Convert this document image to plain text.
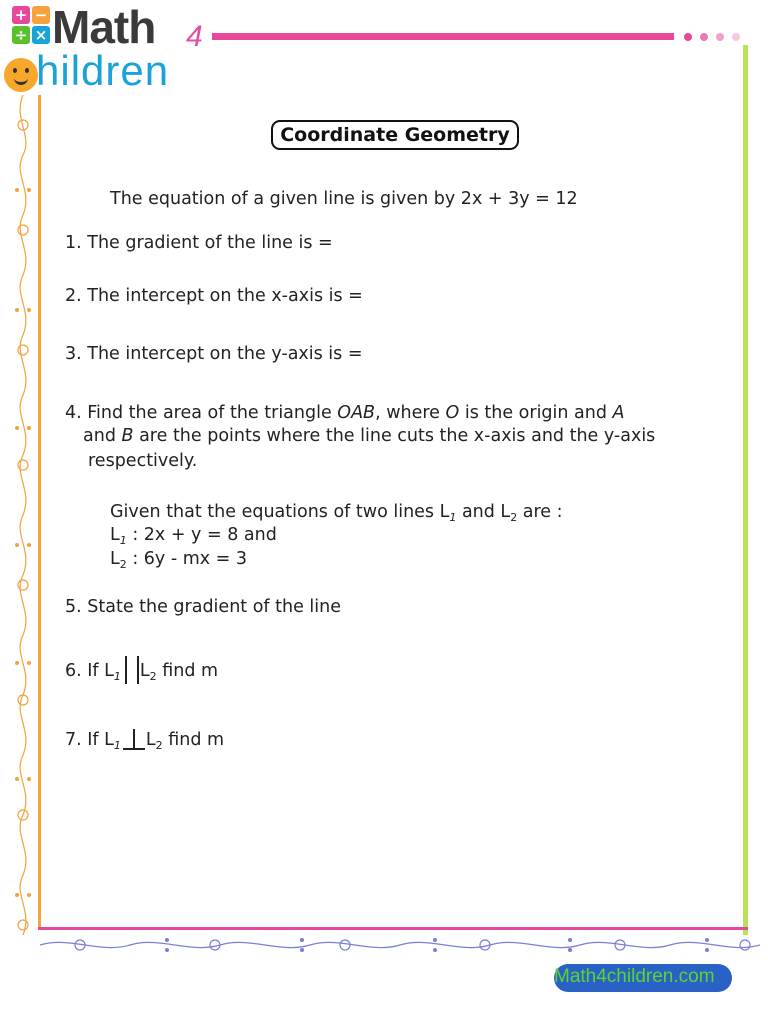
+ −
÷ × Math 4
hildren
Coordinate Geometry
The equation of a given line is given by 2x + 3y = 12
1. The gradient of the line is =
2. The intercept on the x-axis is =
3. The intercept on the y-axis is =
4. Find the area of the triangle OAB, where O is the origin and A
and B are the points where the line cuts the x-axis and the y-axis
respectively.
Given that the equations of two lines $L_1$ and $L_2$ are :
$L_1$ : 2x + y = 8 and
$L_2$ : 6y - mx = 3
5. State the gradient of the line
6. If $L_1$ $L_2$ find m
7. If $L_1$ $L_2$ find m
Math4children.com
